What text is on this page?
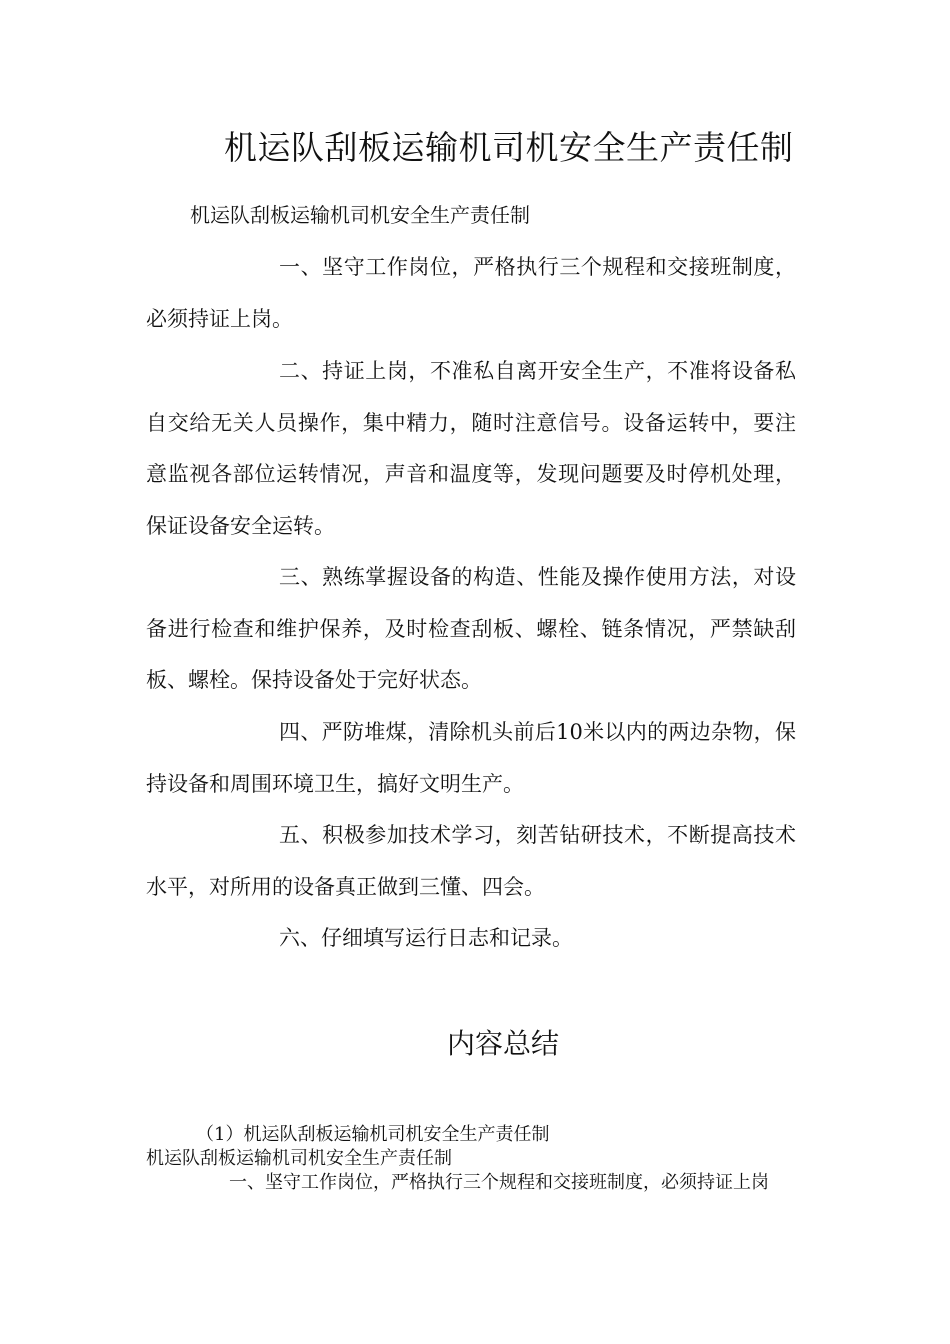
机运队刮板运输机司机安全生产责任制
机运队刮板运输机司机安全生产责任制

一、坚守工作岗位，严格执行三个规程和交接班制度，必须持证上岗。

二、持证上岗，不准私自离开安全生产，不准将设备私自交给无关人员操作，集中精力，随时注意信号。设备运转中，要注意监视各部位运转情况，声音和温度等，发现问题要及时停机处理，保证设备安全运转。

三、熟练掌握设备的构造、性能及操作使用方法，对设备进行检查和维护保养，及时检查刮板、螺栓、链条情况，严禁缺刮板、螺栓。保持设备处于完好状态。

四、严防堆煤，清除机头前后10米以内的两边杂物，保持设备和周围环境卫生，搞好文明生产。

五、积极参加技术学习，刻苦钻研技术，不断提高技术水平，对所用的设备真正做到三懂、四会。

六、仔细填写运行日志和记录。

内容总结
（1）机运队刮板运输机司机安全生产责任制
机运队刮板运输机司机安全生产责任制
一、坚守工作岗位，严格执行三个规程和交接班制度，必须持证上岗
